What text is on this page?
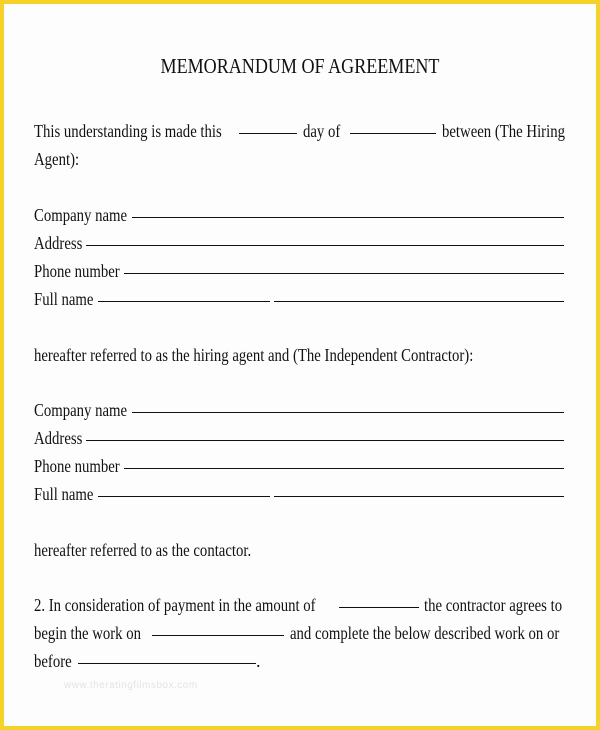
MEMORANDUM OF AGREEMENT
This understanding is made this	day of	between (The Hiring
Agent):
Company name
Address
Phone number
Full name
hereafter referred to as the hiring agent and (The Independent Contractor):
Company name
Address
Phone number
Full name
hereafter referred to as the contactor.
2. In consideration of payment in the amount of	the contractor agrees to
begin the work on	and complete the below described work on or
before	.
www.theratingfilmsbox.com
